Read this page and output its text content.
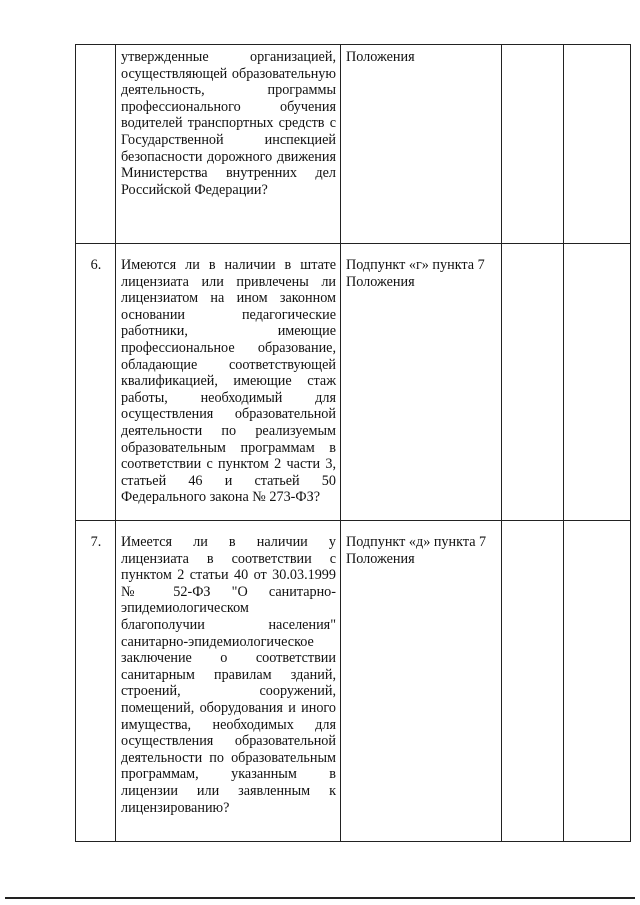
	утвержденные организацией, осуществляющей образовательную деятельность, программы профессионального обучения водителей транспортных средств с Государственной инспекцией безопасности дорожного движения Министерства внутренних дел Российской Федерации?	Положения		
6.	Имеются ли в наличии в штате лицензиата или привлечены ли лицензиатом на ином законном основании педагогические работники, имеющие профессиональное образование, обладающие соответствующей квалификацией, имеющие стаж работы, необходимый для осуществления образовательной деятельности по реализуемым образовательным программам в соответствии с пунктом 2 части 3, статьей 46 и статьей 50 Федерального закона № 273-ФЗ?	Подпункт «г» пункта 7 Положения		
7.	Имеется ли в наличии у лицензиата в соответствии с пунктом 2 статьи 40 от 30.03.1999 № 52-ФЗ "О санитарно-эпидемиологическом благополучии населения" санитарно-эпидемиологическое заключение о соответствии санитарным правилам зданий, строений, сооружений, помещений, оборудования и иного имущества, необходимых для осуществления образовательной деятельности по образовательным программам, указанным в лицензии или заявленным к лицензированию?	Подпункт «д» пункта 7 Положения		
